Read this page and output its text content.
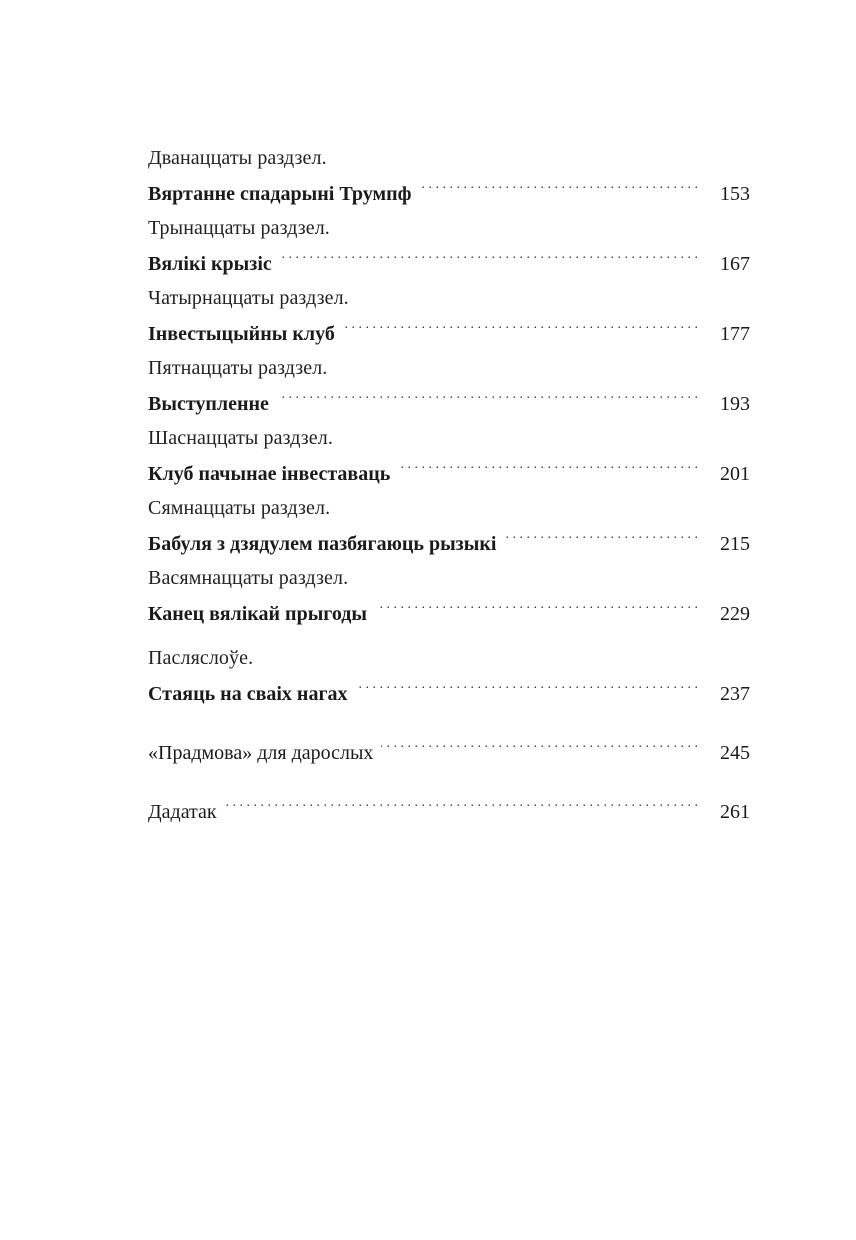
Дванаццаты раздзел.
Вяртанне спадарыні Трумпф . . .	153
Трынаццаты раздзел.
Вялікі крызіс . . .	167
Чатырнаццаты раздзел.
Інвестыцыйны клуб . . .	177
Пятнаццаты раздзел.
Выступленне . . .	193
Шаснаццаты раздзел.
Клуб пачынае інвеставаць . . .	201
Сямнаццаты раздзел.
Бабуля з дзядулем пазбягаюць рызыкі . . .	215
Васямнаццаты раздзел.
Канец вялікай прыгоды . . .	229
Пасляслоўе.
Стаяць на сваіх нагах . . .	237
«Прадмова» для дарослых . . .	245
Дадатак . . .	261
